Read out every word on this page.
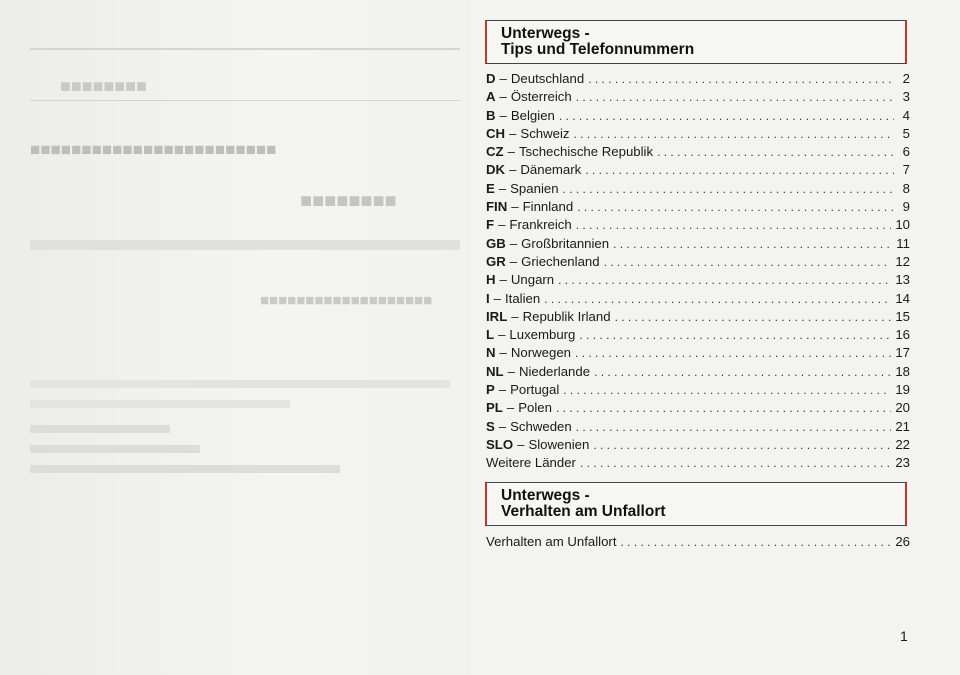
■■■■■■■■
■■■■■■■■■■■■■■■■■■■■■■■■
■■■■■■■■
■■■■■■■■■■■■■■■■■■■
Unterwegs -
Tips und Telefonnummern
D – Deutschland . . .	2
A – Österreich . . .	3
B – Belgien . . .	4
CH – Schweiz . . .	5
CZ – Tschechische Republik . . .	6
DK – Dänemark . . .	7
E – Spanien . . .	8
FIN – Finnland . . .	9
F – Frankreich . . .	10
GB – Großbritannien . . .	11
GR – Griechenland . . .	12
H – Ungarn . . .	13
I – Italien . . .	14
IRL – Republik Irland . . .	15
L – Luxemburg . . .	16
N – Norwegen . . .	17
NL – Niederlande . . .	18
P – Portugal . . .	19
PL – Polen . . .	20
S – Schweden . . .	21
SLO – Slowenien . . .	22
Weitere Länder . . .	23
Unterwegs -
Verhalten am Unfallort
Verhalten am Unfallort . . .	26
1
